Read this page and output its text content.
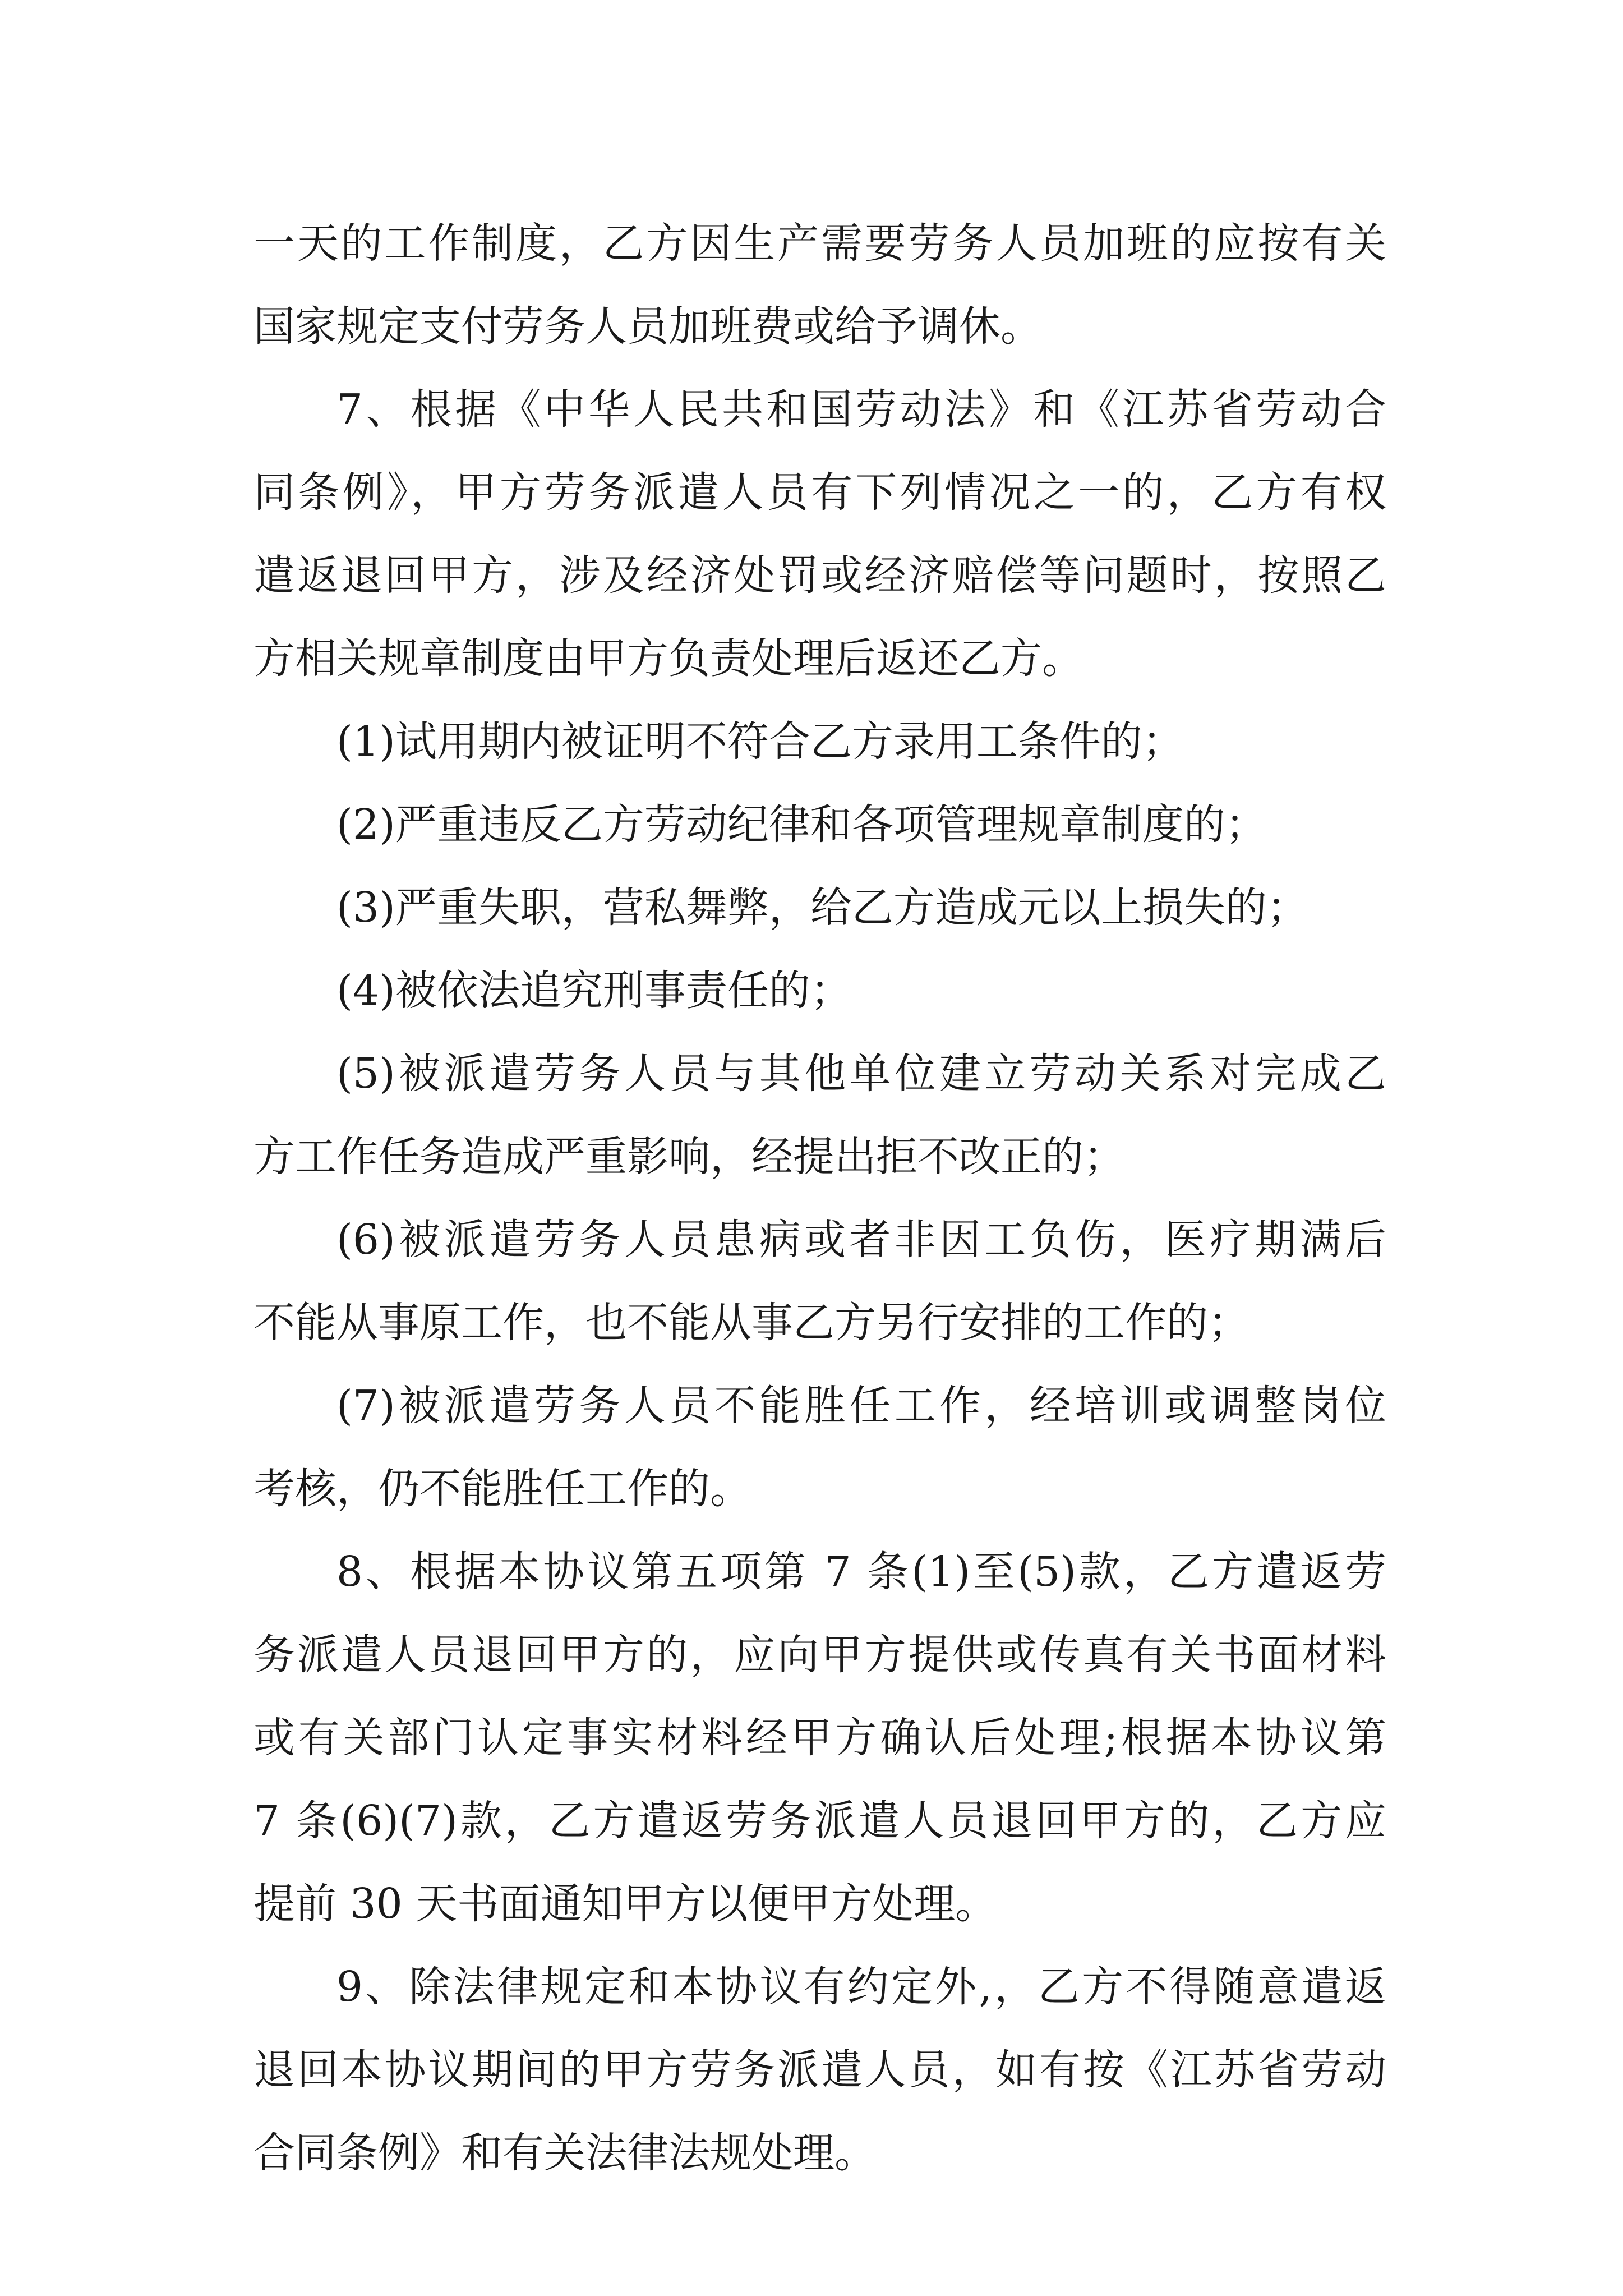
一天的工作制度，乙方因生产需要劳务人员加班的应按有关
国家规定支付劳务人员加班费或给予调休。
7、根据《中华人民共和国劳动法》和《江苏省劳动合
同条例》，甲方劳务派遣人员有下列情况之一的，乙方有权
遣返退回甲方，涉及经济处罚或经济赔偿等问题时，按照乙
方相关规章制度由甲方负责处理后返还乙方。
(1)试用期内被证明不符合乙方录用工条件的；
(2)严重违反乙方劳动纪律和各项管理规章制度的；
(3)严重失职，营私舞弊，给乙方造成元以上损失的；
(4)被依法追究刑事责任的；
(5)被派遣劳务人员与其他单位建立劳动关系对完成乙
方工作任务造成严重影响，经提出拒不改正的；
(6)被派遣劳务人员患病或者非因工负伤，医疗期满后
不能从事原工作，也不能从事乙方另行安排的工作的；
(7)被派遣劳务人员不能胜任工作，经培训或调整岗位
考核，仍不能胜任工作的。
8、根据本协议第五项第 7 条(1)至(5)款，乙方遣返劳
务派遣人员退回甲方的，应向甲方提供或传真有关书面材料
或有关部门认定事实材料经甲方确认后处理;根据本协议第
7 条(6)(7)款，乙方遣返劳务派遣人员退回甲方的，乙方应
提前 30 天书面通知甲方以便甲方处理。
9、除法律规定和本协议有约定外,，乙方不得随意遣返
退回本协议期间的甲方劳务派遣人员，如有按《江苏省劳动
合同条例》和有关法律法规处理。
